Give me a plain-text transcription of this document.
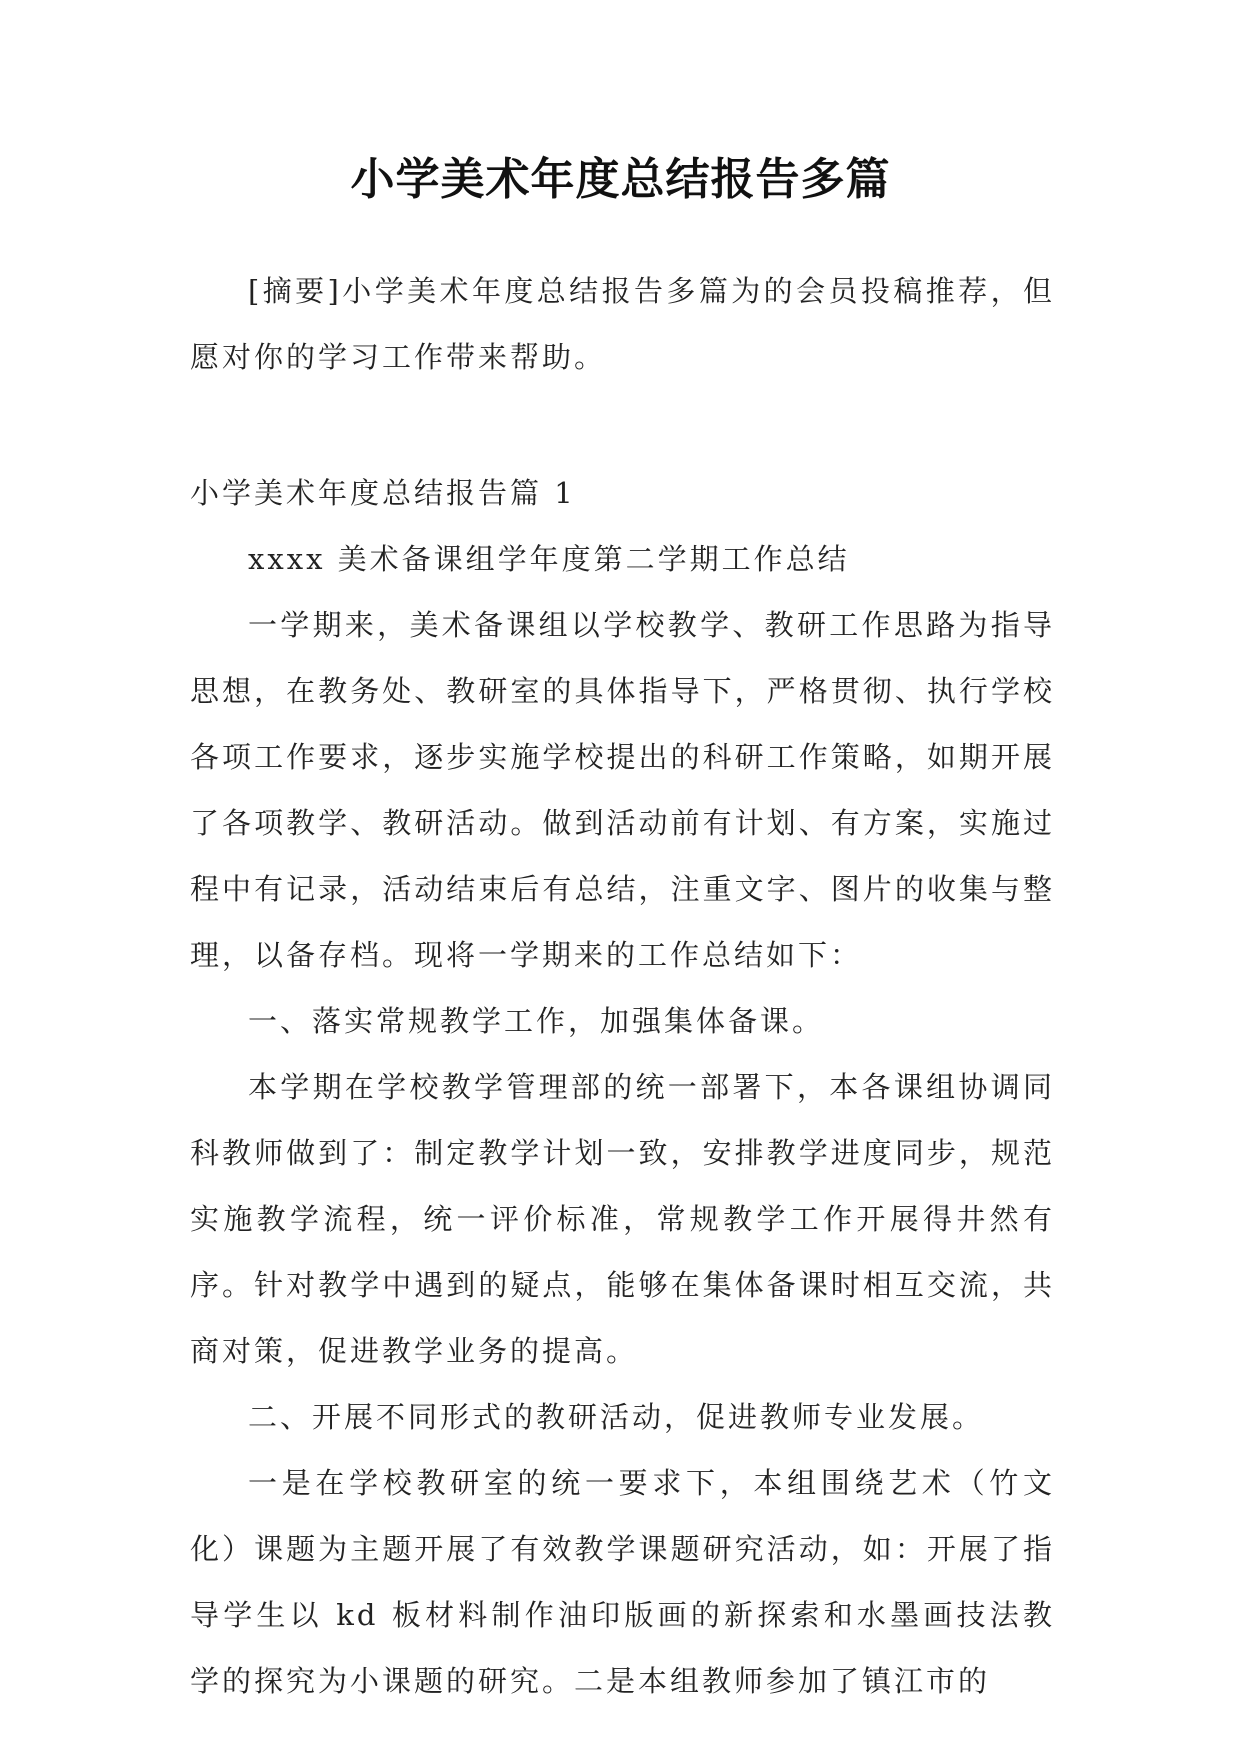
小学美术年度总结报告多篇

[摘要]小学美术年度总结报告多篇为的会员投稿推荐，但愿对你的学习工作带来帮助。

小学美术年度总结报告篇 1

xxxx 美术备课组学年度第二学期工作总结

一学期来，美术备课组以学校教学、教研工作思路为指导思想，在教务处、教研室的具体指导下，严格贯彻、执行学校各项工作要求，逐步实施学校提出的科研工作策略，如期开展了各项教学、教研活动。做到活动前有计划、有方案，实施过程中有记录，活动结束后有总结，注重文字、图片的收集与整理，以备存档。现将一学期来的工作总结如下：

一、落实常规教学工作，加强集体备课。

本学期在学校教学管理部的统一部署下，本各课组协调同科教师做到了：制定教学计划一致，安排教学进度同步，规范实施教学流程，统一评价标准，常规教学工作开展得井然有序。针对教学中遇到的疑点，能够在集体备课时相互交流，共商对策，促进教学业务的提高。

二、开展不同形式的教研活动，促进教师专业发展。

一是在学校教研室的统一要求下，本组围绕艺术（竹文化）课题为主题开展了有效教学课题研究活动，如：开展了指导学生以 kd 板材料制作油印版画的新探索和水墨画技法教学的探究为小课题的研究。二是本组教师参加了镇江市的
